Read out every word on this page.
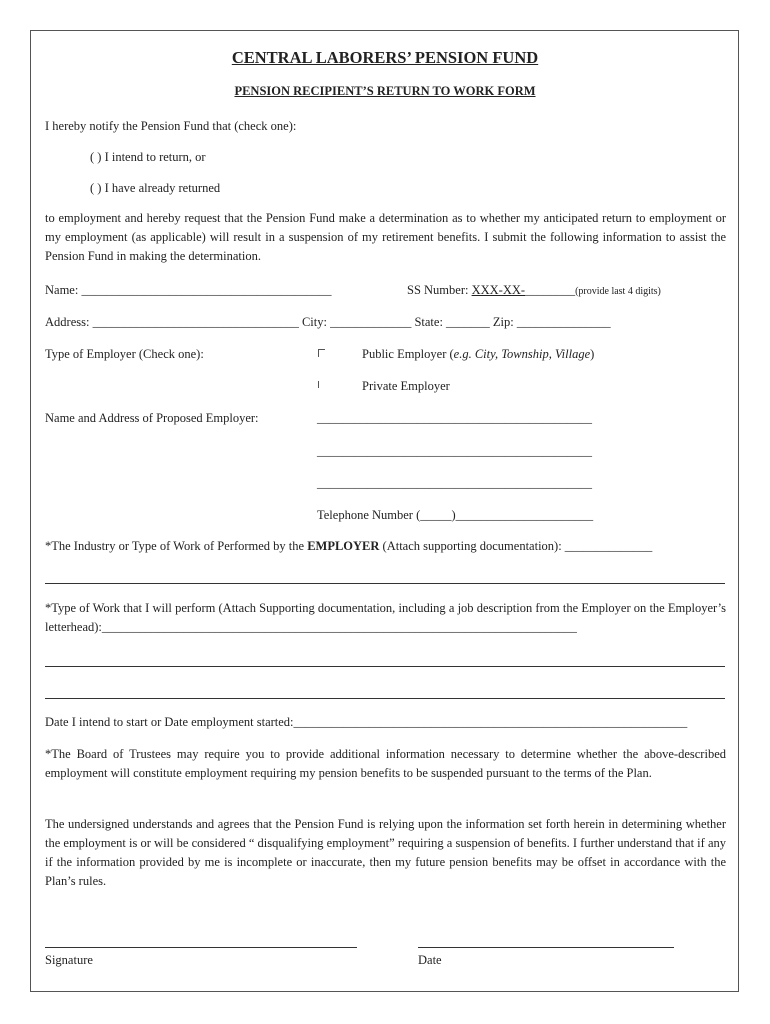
CENTRAL LABORERS’ PENSION FUND
PENSION RECIPIENT’S RETURN TO WORK FORM
I hereby notify the Pension Fund that (check one):
( ) I intend to return, or
( ) I have already returned
to employment and hereby request that the Pension Fund make a determination as to whether my anticipated return to employment or my employment (as applicable) will result in a suspension of my retirement benefits. I submit the following information to assist the Pension Fund in making the determination.
Name: ________________________________________	SS Number: XXX-XX-________(provide last 4 digits)
Address: _________________________________ City: _____________ State: _______ Zip: _______________
Type of Employer (Check one):	Public Employer (e.g. City, Township, Village)
Private Employer
Name and Address of Proposed Employer:	____________________________________________
____________________________________________
____________________________________________
Telephone Number (_____)______________________
*The Industry or Type of Work of Performed by the EMPLOYER (Attach supporting documentation): ______________
*Type of Work that I will perform (Attach Supporting documentation, including a job description from the Employer on the Employer’s letterhead):____________________________________________________________________________
Date I intend to start or Date employment started:_______________________________________________________________
*The Board of Trustees may require you to provide additional information necessary to determine whether the above-described employment will constitute employment requiring my pension benefits to be suspended pursuant to the terms of the Plan.
The undersigned understands and agrees that the Pension Fund is relying upon the information set forth herein in determining whether the employment is or will be considered “ disqualifying employment” requiring a suspension of benefits. I further understand that if any if the information provided by me is incomplete or inaccurate, then my future pension benefits may be offset in accordance with the Plan’s rules.
Signature	Date
